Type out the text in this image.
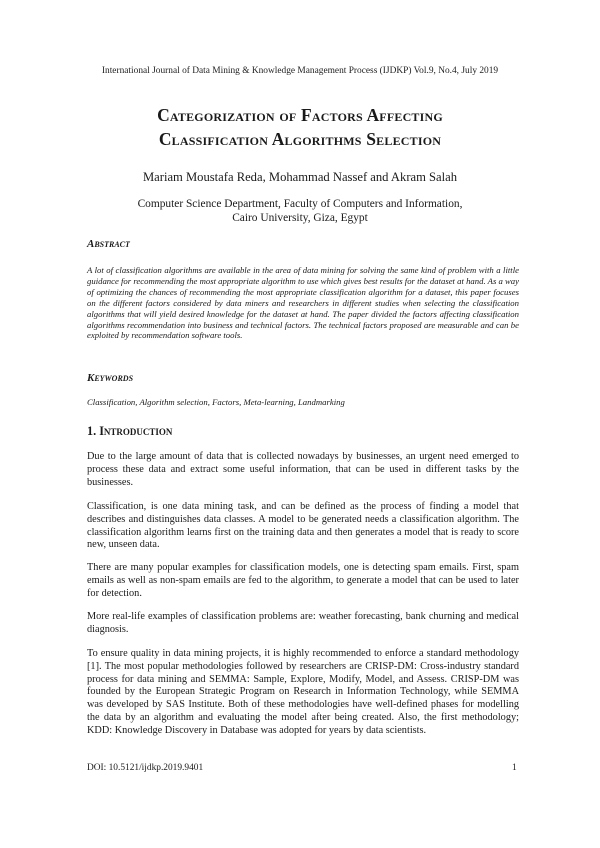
International Journal of Data Mining & Knowledge Management Process (IJDKP) Vol.9, No.4, July 2019
Categorization of Factors Affecting
Classification Algorithms Selection
Mariam Moustafa Reda, Mohammad Nassef and Akram Salah
Computer Science Department, Faculty of Computers and Information,
Cairo University, Giza, Egypt
Abstract
A lot of classification algorithms are available in the area of data mining for solving the same kind of problem with a little guidance for recommending the most appropriate algorithm to use which gives best results for the dataset at hand. As a way of optimizing the chances of recommending the most appropriate classification algorithm for a dataset, this paper focuses on the different factors considered by data miners and researchers in different studies when selecting the classification algorithms that will yield desired knowledge for the dataset at hand. The paper divided the factors affecting classification algorithms recommendation into business and technical factors. The technical factors proposed are measurable and can be exploited by recommendation software tools.
Keywords
Classification, Algorithm selection, Factors, Meta-learning, Landmarking
1. Introduction
Due to the large amount of data that is collected nowadays by businesses, an urgent need emerged to process these data and extract some useful information, that can be used in different tasks by the businesses.
Classification, is one data mining task, and can be defined as the process of finding a model that describes and distinguishes data classes. A model to be generated needs a classification algorithm. The classification algorithm learns first on the training data and then generates a model that is ready to score new, unseen data.
There are many popular examples for classification models, one is detecting spam emails. First, spam emails as well as non-spam emails are fed to the algorithm, to generate a model that can be used to later for detection.
More real-life examples of classification problems are: weather forecasting, bank churning and medical diagnosis.
To ensure quality in data mining projects, it is highly recommended to enforce a standard methodology [1]. The most popular methodologies followed by researchers are CRISP-DM: Cross-industry standard process for data mining and SEMMA: Sample, Explore, Modify, Model, and Assess. CRISP-DM was founded by the European Strategic Program on Research in Information Technology, while SEMMA was developed by SAS Institute. Both of these methodologies have well-defined phases for modelling the data by an algorithm and evaluating the model after being created. Also, the first methodology; KDD: Knowledge Discovery in Database was adopted for years by data scientists.
DOI: 10.5121/ijdkp.2019.9401	1
